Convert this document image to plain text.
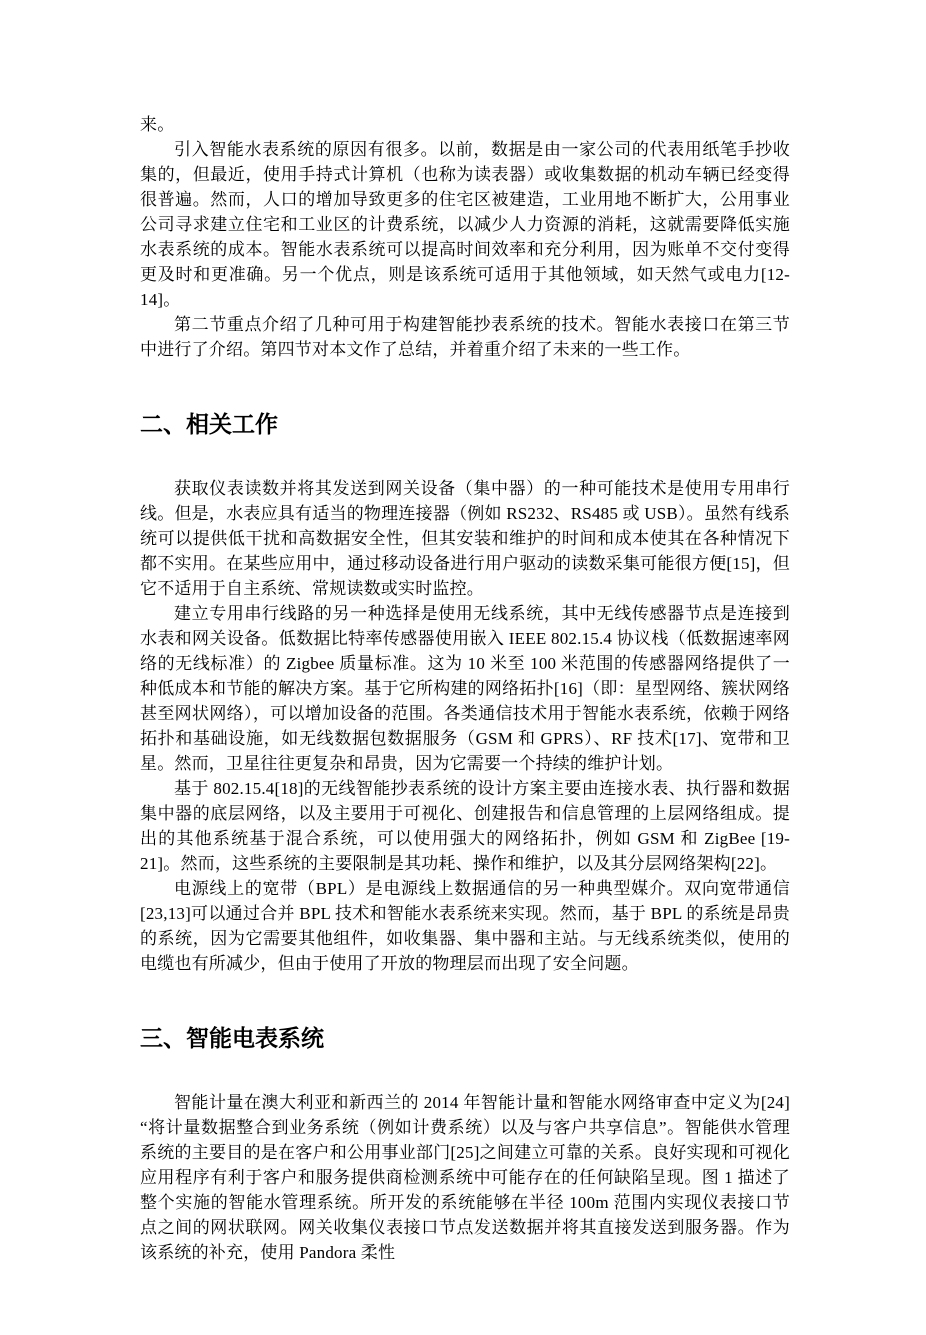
来。

引入智能水表系统的原因有很多。以前，数据是由一家公司的代表用纸笔手抄收集的，但最近，使用手持式计算机（也称为读表器）或收集数据的机动车辆已经变得很普遍。然而，人口的增加导致更多的住宅区被建造，工业用地不断扩大，公用事业公司寻求建立住宅和工业区的计费系统，以减少人力资源的消耗，这就需要降低实施水表系统的成本。智能水表系统可以提高时间效率和充分利用，因为账单不交付变得更及时和更准确。另一个优点，则是该系统可适用于其他领域，如天然气或电力[12-14]。

第二节重点介绍了几种可用于构建智能抄表系统的技术。智能水表接口在第三节中进行了介绍。第四节对本文作了总结，并着重介绍了未来的一些工作。

二、相关工作

获取仪表读数并将其发送到网关设备（集中器）的一种可能技术是使用专用串行线。但是，水表应具有适当的物理连接器（例如 RS232、RS485 或 USB）。虽然有线系统可以提供低干扰和高数据安全性，但其安装和维护的时间和成本使其在各种情况下都不实用。在某些应用中，通过移动设备进行用户驱动的读数采集可能很方便[15]，但它不适用于自主系统、常规读数或实时监控。

建立专用串行线路的另一种选择是使用无线系统，其中无线传感器节点是连接到水表和网关设备。低数据比特率传感器使用嵌入 IEEE 802.15.4 协议栈（低数据速率网络的无线标准）的 Zigbee 质量标准。这为 10 米至 100 米范围的传感器网络提供了一种低成本和节能的解决方案。基于它所构建的网络拓扑[16]（即：星型网络、簇状网络甚至网状网络），可以增加设备的范围。各类通信技术用于智能水表系统，依赖于网络拓扑和基础设施，如无线数据包数据服务（GSM 和 GPRS）、RF 技术[17]、宽带和卫星。然而，卫星往往更复杂和昂贵，因为它需要一个持续的维护计划。

基于 802.15.4[18]的无线智能抄表系统的设计方案主要由连接水表、执行器和数据集中器的底层网络，以及主要用于可视化、创建报告和信息管理的上层网络组成。提出的其他系统基于混合系统，可以使用强大的网络拓扑，例如 GSM 和 ZigBee [19-21]。然而，这些系统的主要限制是其功耗、操作和维护，以及其分层网络架构[22]。

电源线上的宽带（BPL）是电源线上数据通信的另一种典型媒介。双向宽带通信[23,13]可以通过合并 BPL 技术和智能水表系统来实现。然而，基于 BPL 的系统是昂贵的系统，因为它需要其他组件，如收集器、集中器和主站。与无线系统类似，使用的电缆也有所减少，但由于使用了开放的物理层而出现了安全问题。

三、智能电表系统

智能计量在澳大利亚和新西兰的 2014 年智能计量和智能水网络审查中定义为[24]“将计量数据整合到业务系统（例如计费系统）以及与客户共享信息”。智能供水管理系统的主要目的是在客户和公用事业部门[25]之间建立可靠的关系。良好实现和可视化应用程序有利于客户和服务提供商检测系统中可能存在的任何缺陷呈现。图 1 描述了整个实施的智能水管理系统。所开发的系统能够在半径 100m 范围内实现仪表接口节点之间的网状联网。网关收集仪表接口节点发送数据并将其直接发送到服务器。作为该系统的补充，使用 Pandora 柔性
